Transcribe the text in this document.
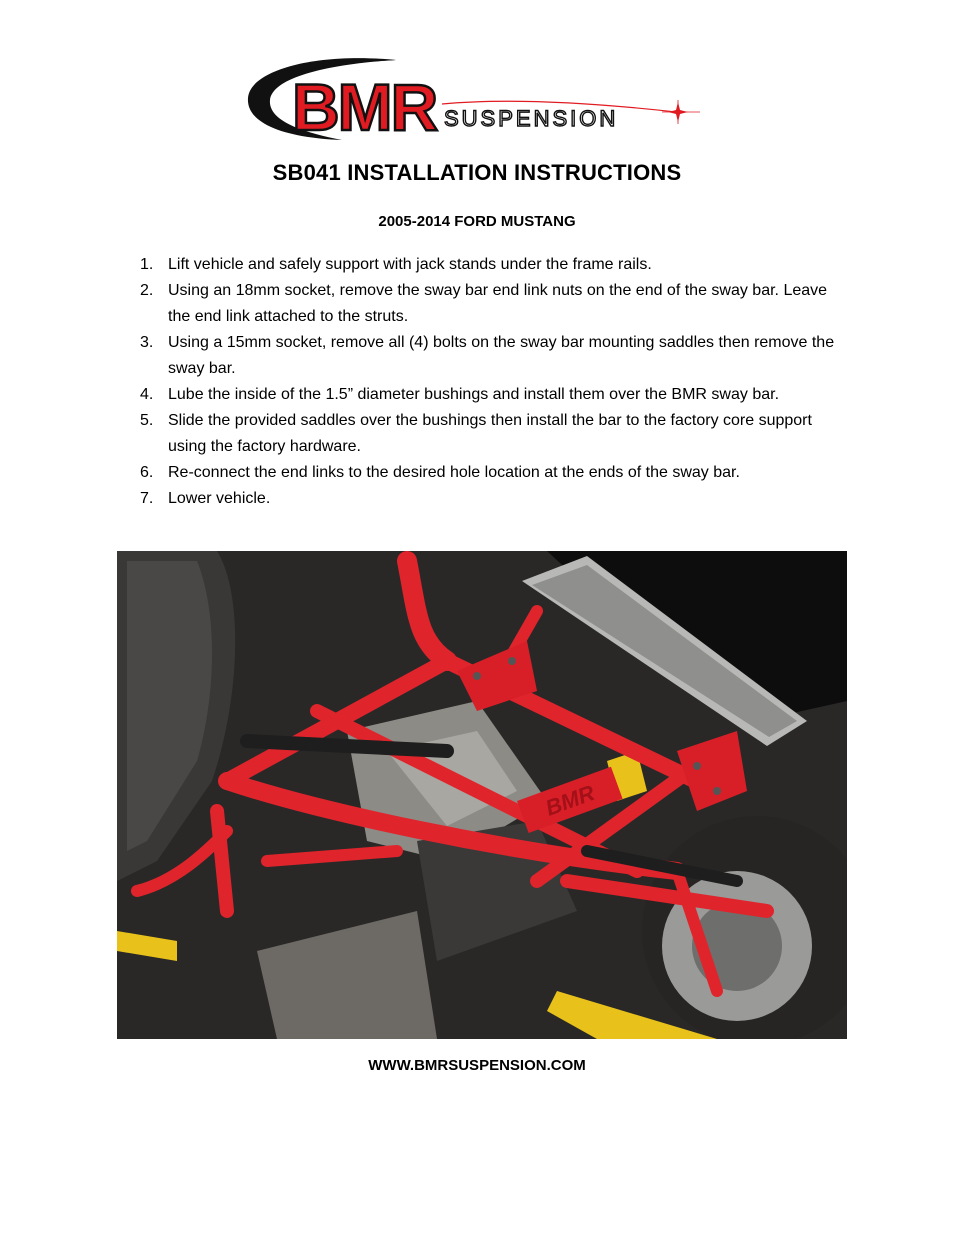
BMR SUSPENSION
SB041 INSTALLATION INSTRUCTIONS
2005-2014 FORD MUSTANG
1. Lift vehicle and safely support with jack stands under the frame rails.
2. Using an 18mm socket, remove the sway bar end link nuts on the end of the sway bar. Leave the end link attached to the struts.
3. Using a 15mm socket, remove all (4) bolts on the sway bar mounting saddles then remove the sway bar.
4. Lube the inside of the 1.5” diameter bushings and install them over the BMR sway bar.
5. Slide the provided saddles over the bushings then install the bar to the factory core support using the factory hardware.
6. Re-connect the end links to the desired hole location at the ends of the sway bar.
7. Lower vehicle.
BMR
WWW.BMRSUSPENSION.COM
